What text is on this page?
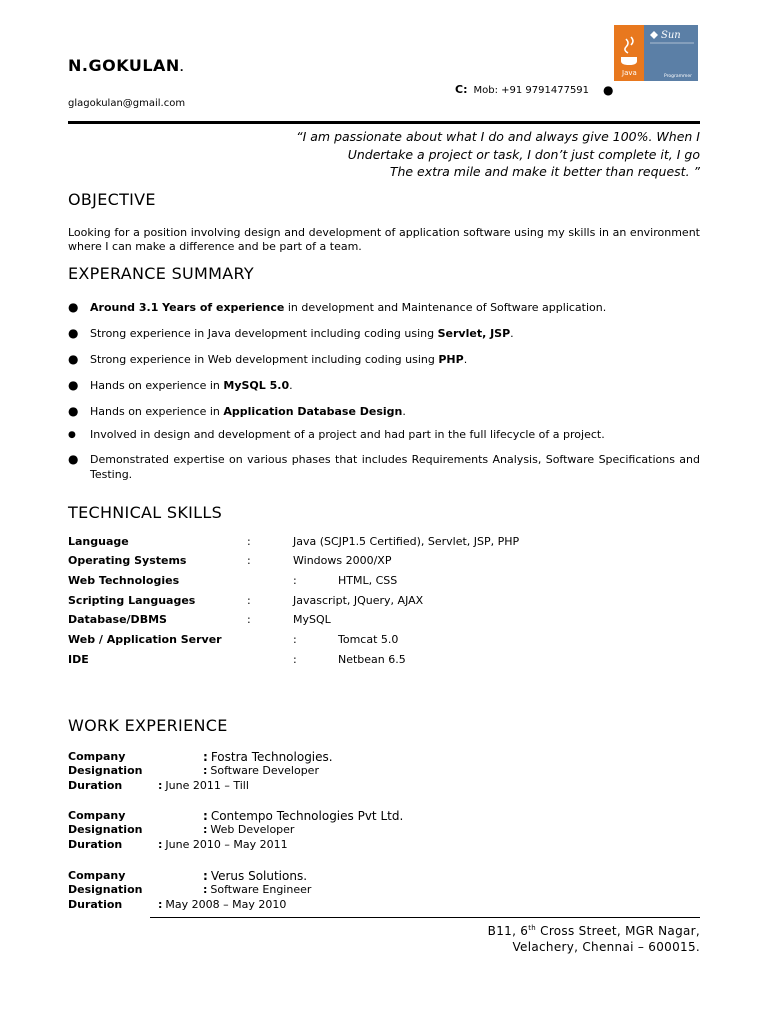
N.GOKULAN.
glagokulan@gmail.com
C: Mob: +91 9791477591 ●
Java
Sun
Programmer
“I am passionate about what I do and always give 100%. When I
Undertake a project or task, I don’t just complete it, I go
The extra mile and make it better than request. ”
OBJECTIVE
Looking for a position involving design and development of application software using my skills in an environment where I can make a difference and be part of a team.
EXPERANCE SUMMARY
● Around 3.1 Years of experience in development and Maintenance of Software application.
● Strong experience in Java development including coding using Servlet, JSP.
● Strong experience in Web development including coding using PHP.
● Hands on experience in MySQL 5.0.
● Hands on experience in Application Database Design.
● Involved in design and development of a project and had part in the full lifecycle of a project.
● Demonstrated expertise on various phases that includes Requirements Analysis, Software Specifications and Testing.
TECHNICAL SKILLS
Language	:	Java (SCJP1.5 Certified), Servlet, JSP, PHP
Operating Systems	:	Windows 2000/XP
Web Technologies	:	HTML, CSS
Scripting Languages	:	Javascript, JQuery, AJAX
Database/DBMS	:	MySQL
Web / Application Server	:	Tomcat 5.0
IDE	:	Netbean 6.5
WORK EXPERIENCE
Company	: Fostra Technologies.
Designation	: Software Developer
Duration	: June 2011 – Till
Company	: Contempo Technologies Pvt Ltd.
Designation	: Web Developer
Duration	: June 2010 – May 2011
Company	: Verus Solutions.
Designation	: Software Engineer
Duration	: May 2008 – May 2010
B11, 6th Cross Street, MGR Nagar,
Velachery, Chennai – 600015.
